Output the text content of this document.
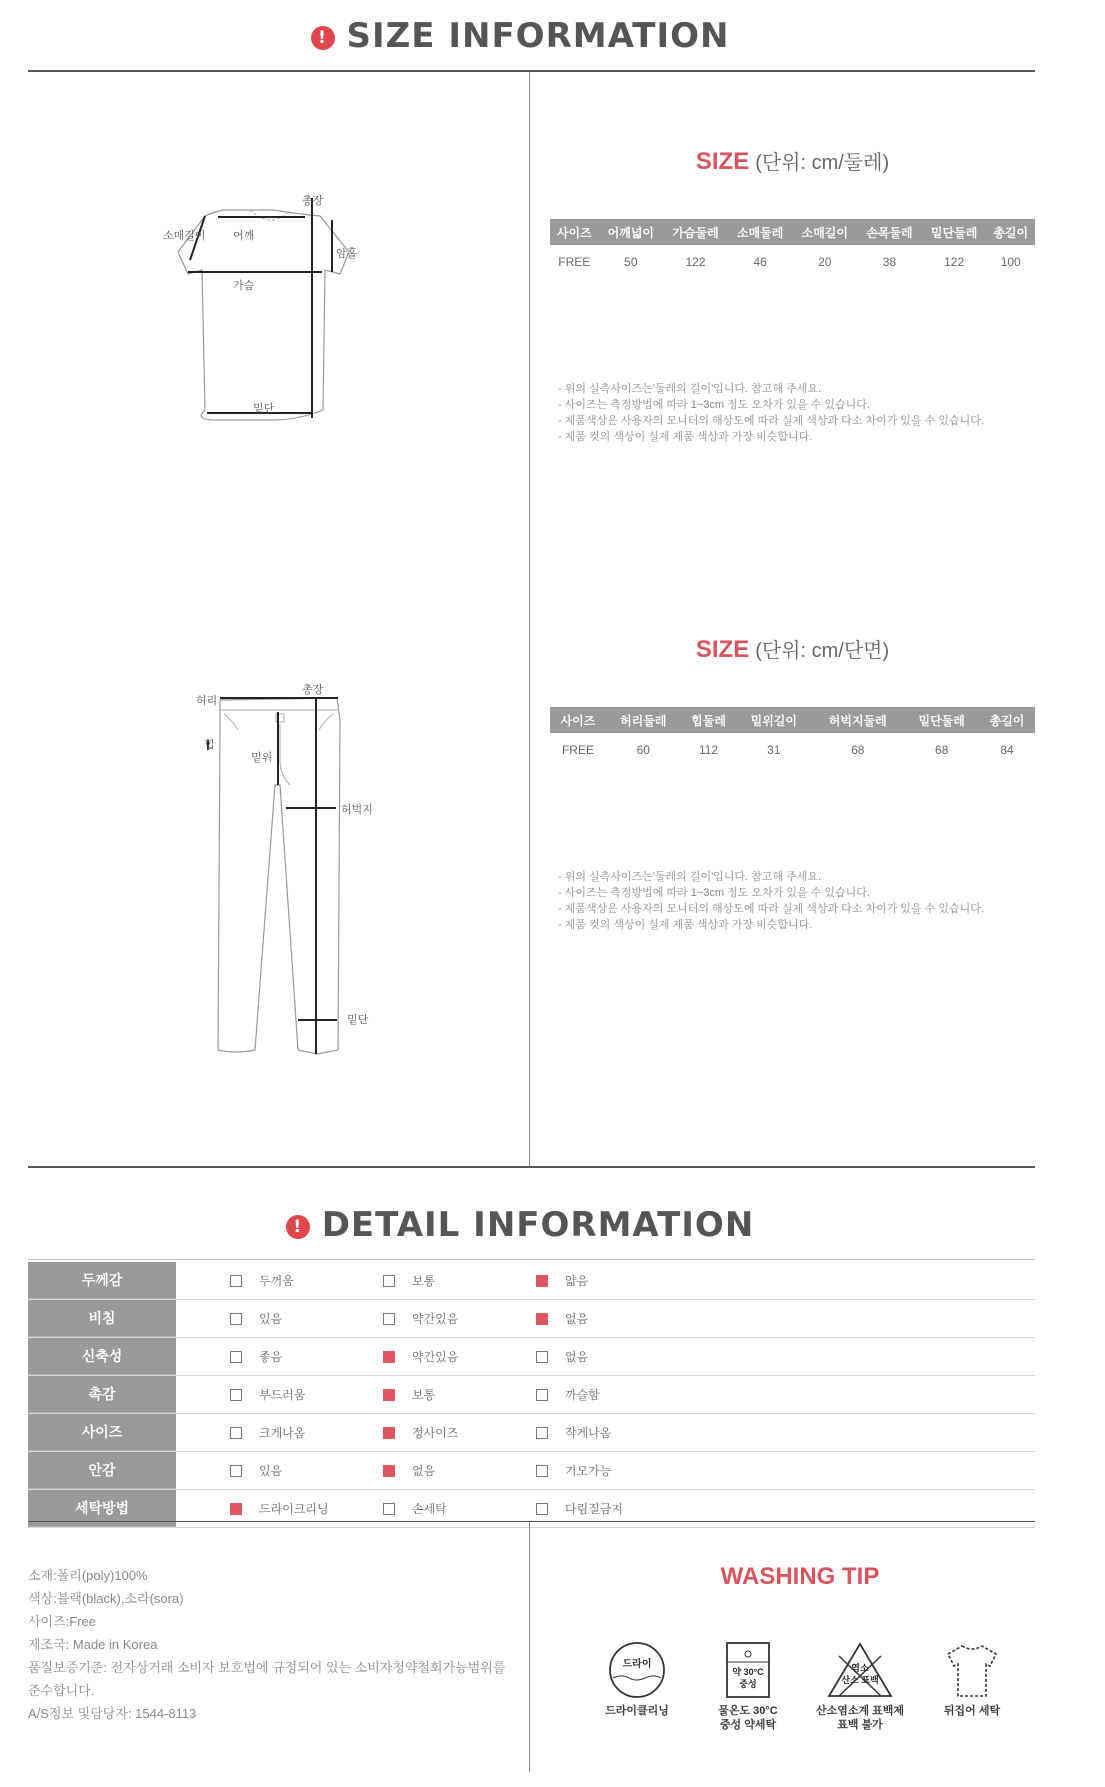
! SIZE INFORMATION
총장
소매길이 어깨
암홀
가슴
밑단
SIZE (단위: cm/둘레)
사이즈	어깨넓이	가슴둘레	소매둘레	소매길이	손목둘레	밑단둘레	총길이
FREE	50	122	46	20	38	122	100
- 위의 실측사이즈는'둘레의 길이'입니다. 참고해 주세요.
- 사이즈는 측정방법에 따라 1~3cm 정도 오차가 있을 수 있습니다.
- 제품색상은 사용자의 모니터의 해상도에 따라 실제 색상과 다소 차이가 있을 수 있습니다.
- 제품 컷의 색상이 실제 제품 색상과 가장 비슷합니다.
총장
허리
힙
밑위
허벅지
밑단
SIZE (단위: cm/단면)
사이즈	허리둘레	힙둘레	밑위길이	허벅지둘레	밑단둘레	총길이
FREE	60	112	31	68	68	84
- 위의 실측사이즈는'둘레의 길이'입니다. 참고해 주세요.
- 사이즈는 측정방법에 따라 1~3cm 정도 오차가 있을 수 있습니다.
- 제품색상은 사용자의 모니터의 해상도에 따라 실제 색상과 다소 차이가 있을 수 있습니다.
- 제품 컷의 색상이 실제 제품 색상과 가장 비슷합니다.
! DETAIL INFORMATION
두께감	두꺼움	보통	얇음
비침	있음	약간있음	없음
신축성	좋음	약간있음	없음
촉감	부드러움	보통	까슬함
사이즈	크게나옴	정사이즈	작게나옴
안감	있음	없음	기모가능
세탁방법	드라이크리닝	손세탁	다림질금지
소재:폴리(poly)100%
색상:블랙(black),소라(sora)
사이즈:Free
제조국: Made in Korea
품질보증기준: 전자상거래 소비자 보호법에 규정되어 있는 소비자청약철회가능범위를
준수합니다.
A/S정보 및담당자: 1544-8113
WASHING TIP
드라이
드라이클리닝
약 30°C
중성
물온도 30°C
중성 약세탁
염소
산소 표백
산소염소계 표백제
표백 불가
뒤집어 세탁
